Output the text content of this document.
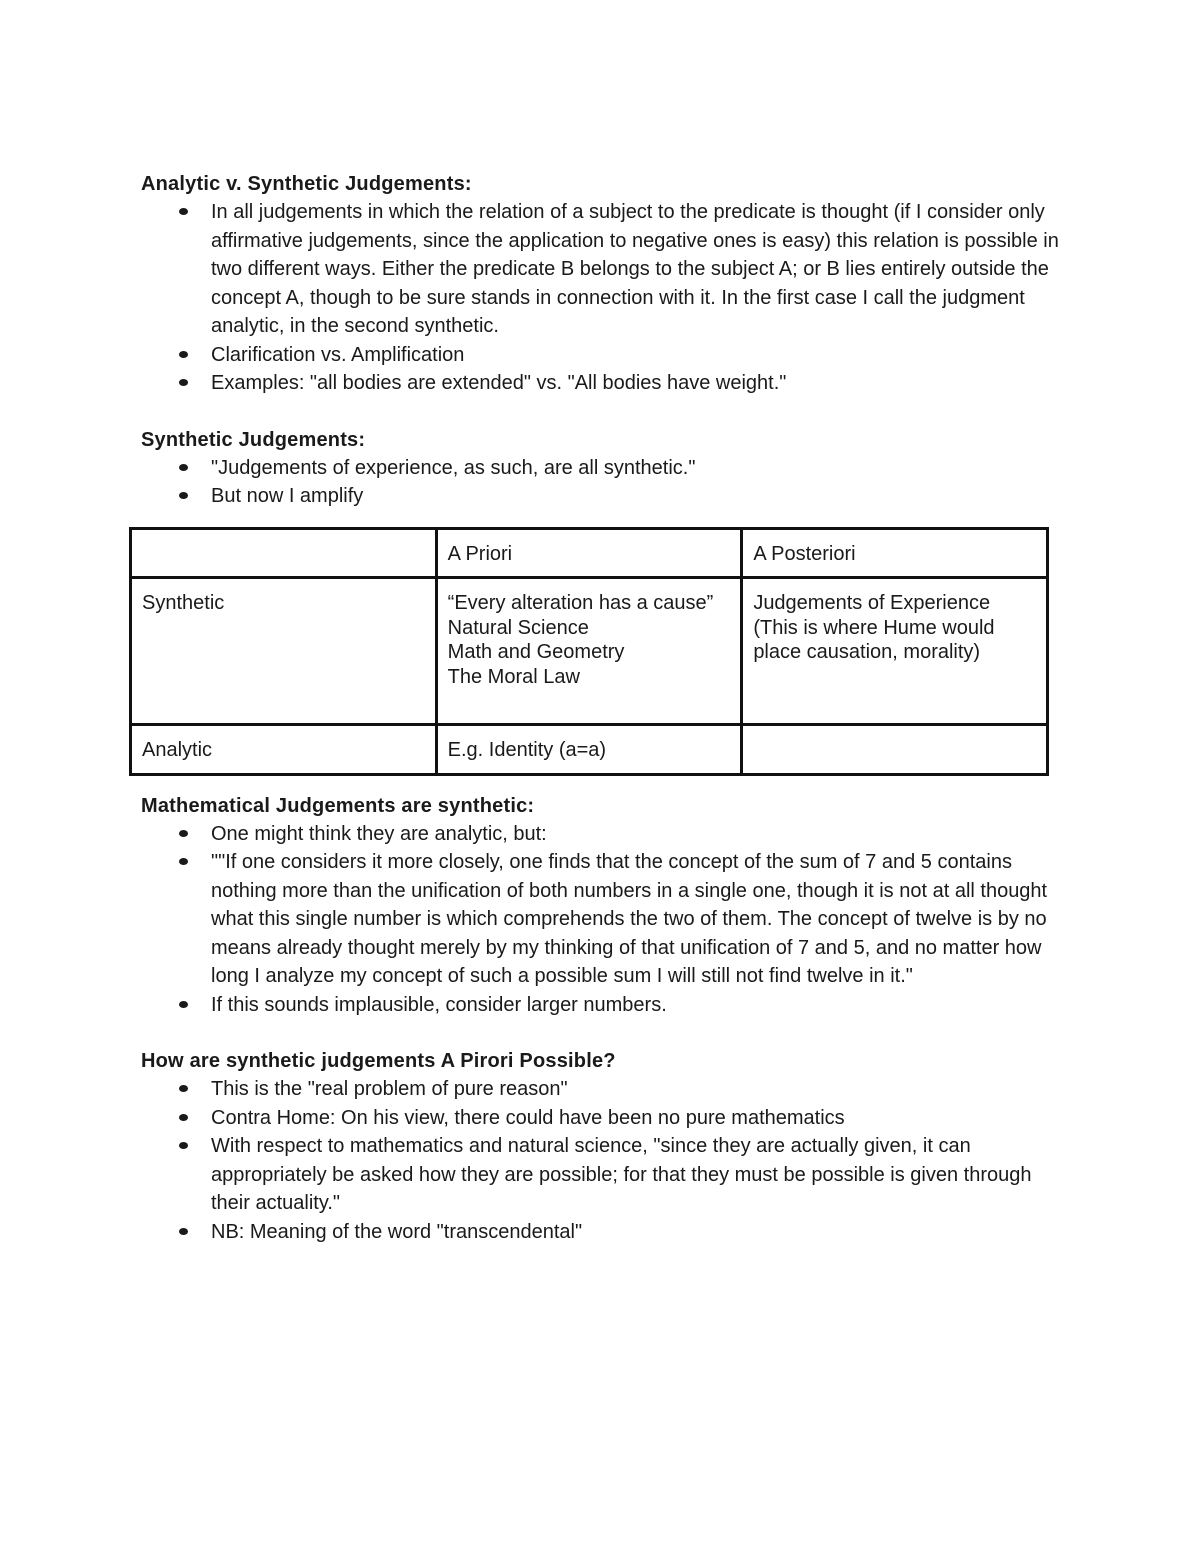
Analytic v. Synthetic Judgements:

In all judgements in which the relation of a subject to the predicate is thought (if I consider only affirmative judgements, since the application to negative ones is easy) this relation is possible in two different ways. Either the predicate B belongs to the subject A; or B lies entirely outside the concept A, though to be sure stands in connection with it. In the first case I call the judgment analytic, in the second synthetic.
Clarification vs. Amplification
Examples: "all bodies are extended" vs. "All bodies have weight."

Synthetic Judgements:

"Judgements of experience, as such, are all synthetic."
But now I amplify
	A Priori	A Posteriori
Synthetic	“Every alteration has a cause”
Natural Science
Math and Geometry
The Moral Law	Judgements of Experience (This is where Hume would place causation, morality)

Analytic	E.g. Identity (a=a)	

Mathematical Judgements are synthetic:

One might think they are analytic, but:
""If one considers it more closely, one finds that the concept of the sum of 7 and 5 contains nothing more than the unification of both numbers in a single one, though it is not at all thought what this single number is which comprehends the two of them. The concept of twelve is by no means already thought merely by my thinking of that unification of 7 and 5, and no matter how long I analyze my concept of such a possible sum I will still not find twelve in it."
If this sounds implausible, consider larger numbers.

How are synthetic judgements A Pirori Possible?

This is the "real problem of pure reason"
Contra Home: On his view, there could have been no pure mathematics
With respect to mathematics and natural science, "since they are actually given, it can appropriately be asked how they are possible; for that they must be possible is given through their actuality."
NB: Meaning of the word "transcendental"
